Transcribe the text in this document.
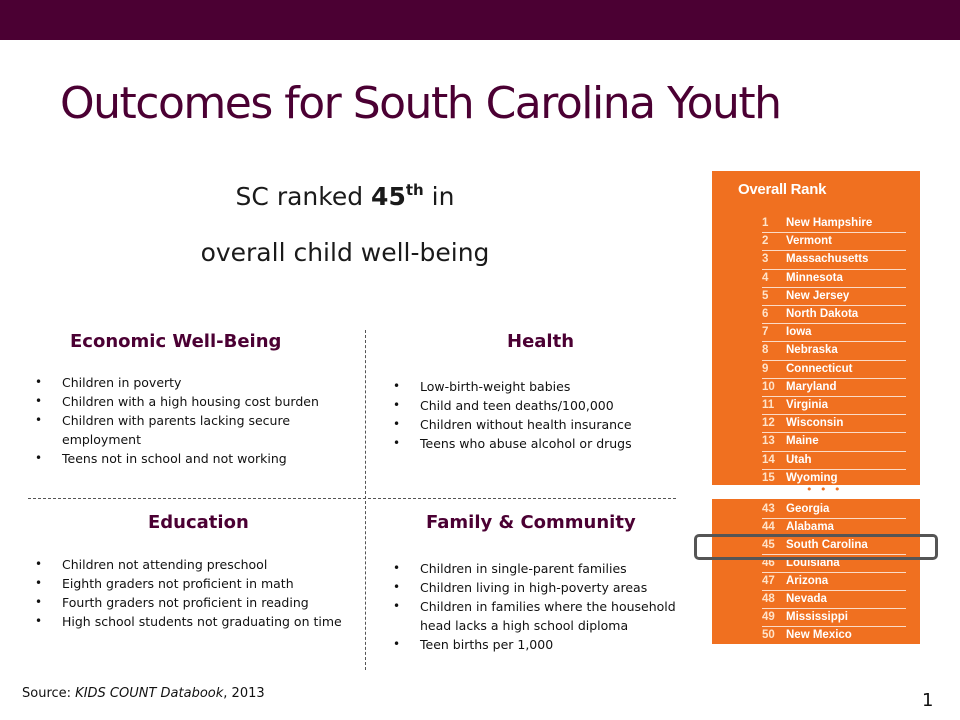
Outcomes for South Carolina Youth
SC ranked 45th in
overall child well-being
Economic Well-Being
• Children in poverty
• Children with a high housing cost burden
• Children with parents lacking secure employment
• Teens not in school and not working
Health
• Low-birth-weight babies
• Child and teen deaths/100,000
• Children without health insurance
• Teens who abuse alcohol or drugs
Education
• Children not attending preschool
• Eighth graders not proficient in math
• Fourth graders not proficient in reading
• High school students not graduating on time
Family & Community
• Children in single-parent families
• Children living in high-poverty areas
• Children in families where the household head lacks a high school diploma
• Teen births per 1,000
Source: KIDS COUNT Databook, 2013	1
Overall Rank
1 New Hampshire
2 Vermont
3 Massachusetts
4 Minnesota
5 New Jersey
6 North Dakota
7 Iowa
8 Nebraska
9 Connecticut
10 Maryland
11 Virginia
12 Wisconsin
13 Maine
14 Utah
15 Wyoming
• • •
43 Georgia
44 Alabama
45 South Carolina
46 Louisiana
47 Arizona
48 Nevada
49 Mississippi
50 New Mexico
